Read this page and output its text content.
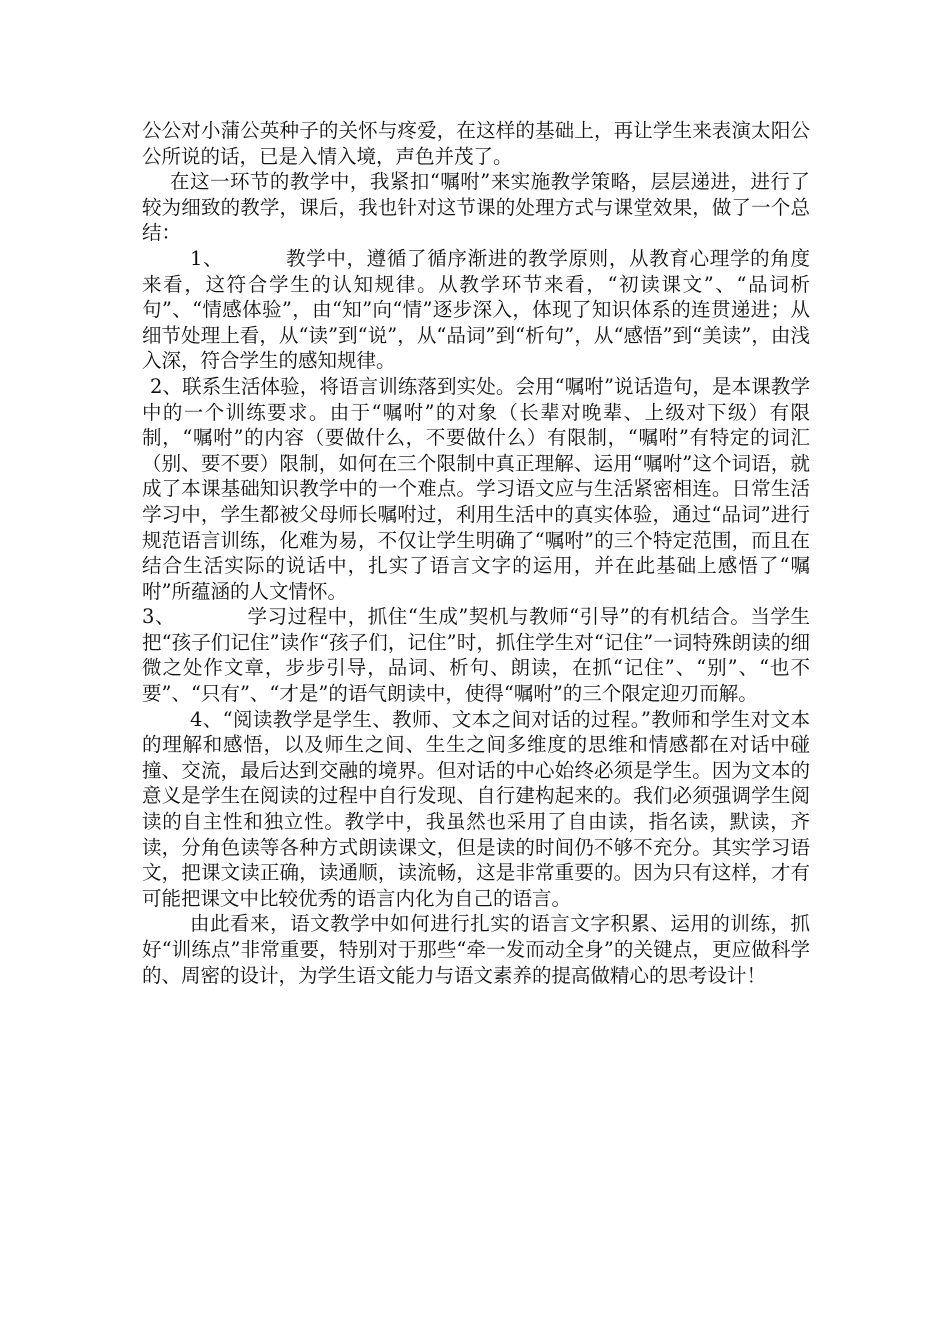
公公对小蒲公英种子的关怀与疼爱，在这样的基础上，再让学生来表演太阳公公所说的话，已是入情入境，声色并茂了。

在这一环节的教学中，我紧扣“嘱咐”来实施教学策略，层层递进，进行了较为细致的教学，课后，我也针对这节课的处理方式与课堂效果，做了一个总结：

1、	教学中，遵循了循序渐进的教学原则，从教育心理学的角度来看，这符合学生的认知规律。从教学环节来看，“初读课文”、“品词析句”、“情感体验”，由“知”向“情”逐步深入，体现了知识体系的连贯递进；从细节处理上看，从“读”到“说”，从“品词”到“析句”，从“感悟”到“美读”，由浅入深，符合学生的感知规律。

2、联系生活体验，将语言训练落到实处。会用“嘱咐”说话造句，是本课教学中的一个训练要求。由于“嘱咐”的对象（长辈对晚辈、上级对下级）有限制，“嘱咐”的内容（要做什么，不要做什么）有限制，“嘱咐”有特定的词汇（别、要不要）限制，如何在三个限制中真正理解、运用“嘱咐”这个词语，就成了本课基础知识教学中的一个难点。学习语文应与生活紧密相连。日常生活学习中，学生都被父母师长嘱咐过，利用生活中的真实体验，通过“品词”进行规范语言训练，化难为易，不仅让学生明确了“嘱咐”的三个特定范围，而且在结合生活实际的说话中，扎实了语言文字的运用，并在此基础上感悟了“嘱咐”所蕴涵的人文情怀。

3、	学习过程中，抓住“生成”契机与教师“引导”的有机结合。当学生把“孩子们记住”读作“孩子们，记住”时，抓住学生对“记住”一词特殊朗读的细微之处作文章，步步引导，品词、析句、朗读，在抓“记住”、“别”、“也不要”、“只有”、“才是”的语气朗读中，使得“嘱咐”的三个限定迎刃而解。

4、“阅读教学是学生、教师、文本之间对话的过程。”教师和学生对文本的理解和感悟，以及师生之间、生生之间多维度的思维和情感都在对话中碰撞、交流，最后达到交融的境界。但对话的中心始终必须是学生。因为文本的意义是学生在阅读的过程中自行发现、自行建构起来的。我们必须强调学生阅读的自主性和独立性。教学中，我虽然也采用了自由读，指名读，默读，齐读，分角色读等各种方式朗读课文，但是读的时间仍不够不充分。其实学习语文，把课文读正确，读通顺，读流畅，这是非常重要的。因为只有这样，才有可能把课文中比较优秀的语言内化为自己的语言。

由此看来，语文教学中如何进行扎实的语言文字积累、运用的训练，抓好“训练点”非常重要，特别对于那些“牵一发而动全身”的关键点，更应做科学的、周密的设计，为学生语文能力与语文素养的提高做精心的思考设计！
